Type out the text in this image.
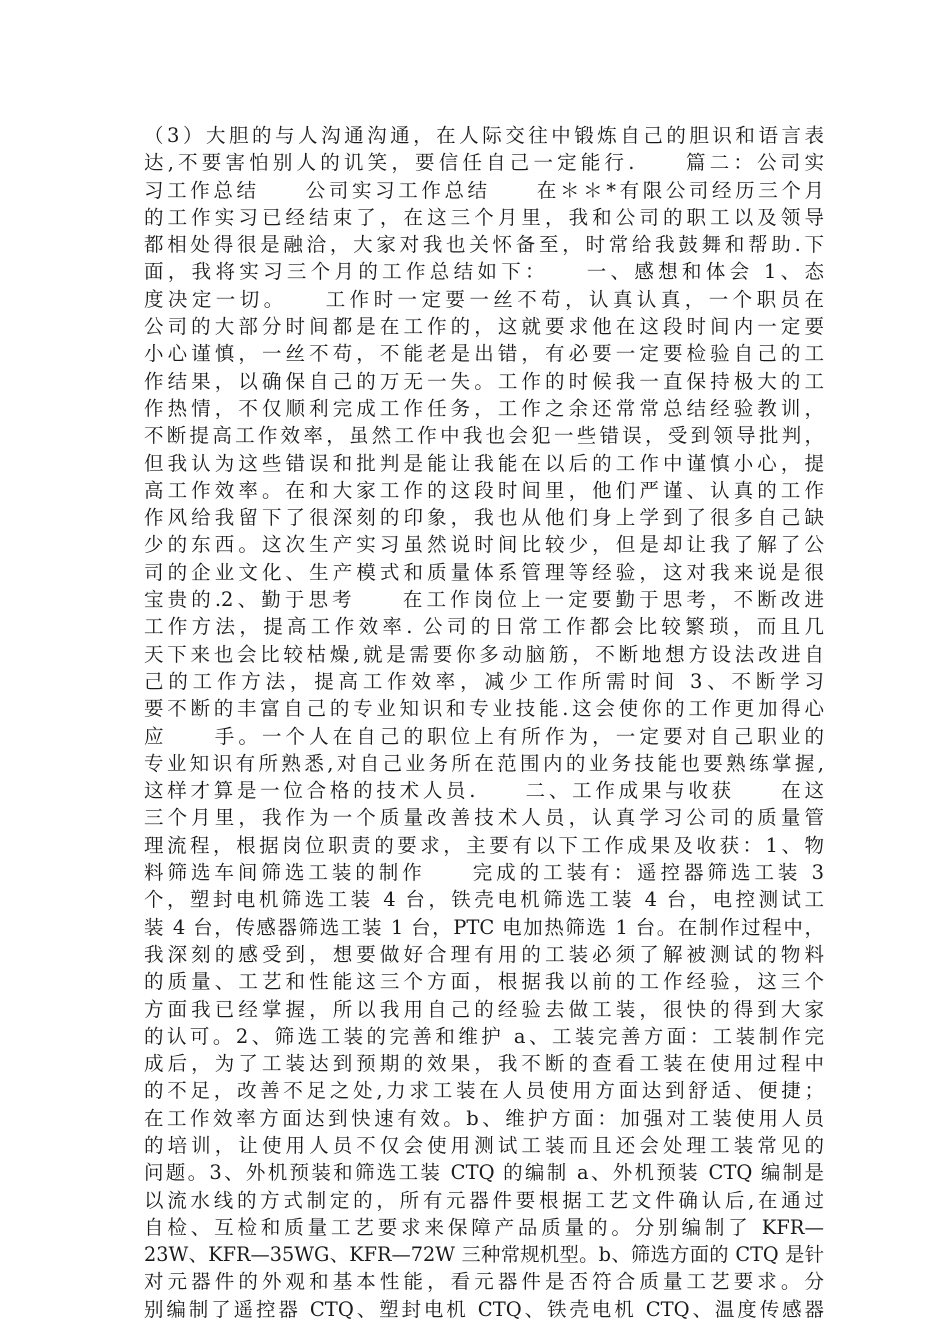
（3）大胆的与人沟通沟通，在人际交往中锻炼自己的胆识和语言表
达,不要害怕别人的讥笑，要信任自己一定能行.　　篇二：公司实
习工作总结　　公司实习工作总结　　在＊＊*有限公司经历三个月
的工作实习已经结束了，在这三个月里，我和公司的职工以及领导
都相处得很是融洽，大家对我也关怀备至，时常给我鼓舞和帮助.下
面，我将实习三个月的工作总结如下：　　一、感想和体会 1、态
度决定一切。　　工作时一定要一丝不苟，认真认真，一个职员在
公司的大部分时间都是在工作的，这就要求他在这段时间内一定要
小心谨慎，一丝不苟，不能老是出错，有必要一定要检验自己的工
作结果，以确保自己的万无一失。工作的时候我一直保持极大的工
作热情，不仅顺利完成工作任务，工作之余还常常总结经验教训，
不断提高工作效率，虽然工作中我也会犯一些错误，受到领导批判，
但我认为这些错误和批判是能让我能在以后的工作中谨慎小心，提
高工作效率。在和大家工作的这段时间里，他们严谨、认真的工作
作风给我留下了很深刻的印象，我也从他们身上学到了很多自己缺
少的东西。这次生产实习虽然说时间比较少，但是却让我了解了公
司的企业文化、生产模式和质量体系管理等经验，这对我来说是很
宝贵的.2、勤于思考　　在工作岗位上一定要勤于思考，不断改进
工作方法，提高工作效率. 公司的日常工作都会比较繁琐，而且几
天下来也会比较枯燥,就是需要你多动脑筋，不断地想方设法改进自
己的工作方法，提高工作效率，减少工作所需时间 3、不断学习
要不断的丰富自己的专业知识和专业技能.这会使你的工作更加得心
应　　手。一个人在自己的职位上有所作为，一定要对自己职业的
专业知识有所熟悉,对自己业务所在范围内的业务技能也要熟练掌握,
这样才算是一位合格的技术人员.　　二、工作成果与收获　　在这
三个月里，我作为一个质量改善技术人员，认真学习公司的质量管
理流程，根据岗位职责的要求，主要有以下工作成果及收获：1、物
料筛选车间筛选工装的制作　　完成的工装有：遥控器筛选工装 3
个，塑封电机筛选工装 4 台，铁壳电机筛选工装 4 台，电控测试工
装 4 台，传感器筛选工装 1 台，PTC 电加热筛选 1 台。在制作过程中，
我深刻的感受到，想要做好合理有用的工装必须了解被测试的物料
的质量、工艺和性能这三个方面，根据我以前的工作经验，这三个
方面我已经掌握，所以我用自己的经验去做工装，很快的得到大家
的认可。2、筛选工装的完善和维护 a、工装完善方面：工装制作完
成后，为了工装达到预期的效果，我不断的查看工装在使用过程中
的不足，改善不足之处,力求工装在人员使用方面达到舒适、便捷；
在工作效率方面达到快速有效。b、维护方面：加强对工装使用人员
的培训，让使用人员不仅会使用测试工装而且还会处理工装常见的
问题。3、外机预装和筛选工装 CTQ 的编制 a、外机预装 CTQ 编制是
以流水线的方式制定的，所有元器件要根据工艺文件确认后,在通过
自检、互检和质量工艺要求来保障产品质量的。分别编制了 KFR—
23W、KFR—35WG、KFR—72W 三种常规机型。b、筛选方面的 CTQ 是针
对元器件的外观和基本性能，看元器件是否符合质量工艺要求。分
别编制了遥控器 CTQ、塑封电机 CTQ、铁壳电机 CTQ、温度传感器
